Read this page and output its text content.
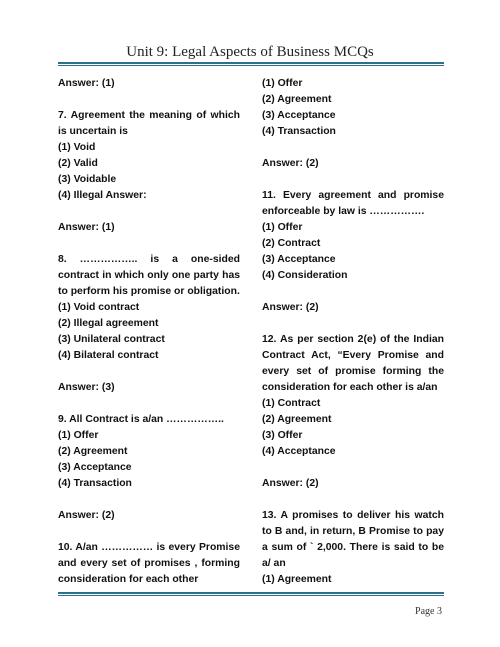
Unit 9: Legal Aspects of Business MCQs

Answer: (1)

7. Agreement the meaning of which is uncertain is

(1) Void

(2) Valid

(3) Voidable

(4) Illegal Answer:

Answer: (1)

8. …………….. is a one-sided contract in which only one party has to perform his promise or obligation.

(1) Void contract

(2) Illegal agreement

(3) Unilateral contract

(4) Bilateral contract

Answer: (3)

9. All Contract is a/an ……………..

(1) Offer

(2) Agreement

(3) Acceptance

(4) Transaction

Answer: (2)

10. A/an …………… is every Promise and every set of promises , forming consideration for each other

(1) Offer

(2) Agreement

(3) Acceptance

(4) Transaction

Answer: (2)

11. Every agreement and promise enforceable by law is …………….

(1) Offer

(2) Contract

(3) Acceptance

(4) Consideration

Answer: (2)

12. As per section 2(e) of the Indian Contract Act, “Every Promise and every set of promise forming the consideration for each other is a/an

(1) Contract

(2) Agreement

(3) Offer

(4) Acceptance

Answer: (2)

13. A promises to deliver his watch to B and, in return, B Promise to pay a sum of ` 2,000. There is said to be a/ an

(1) Agreement

Page 3
